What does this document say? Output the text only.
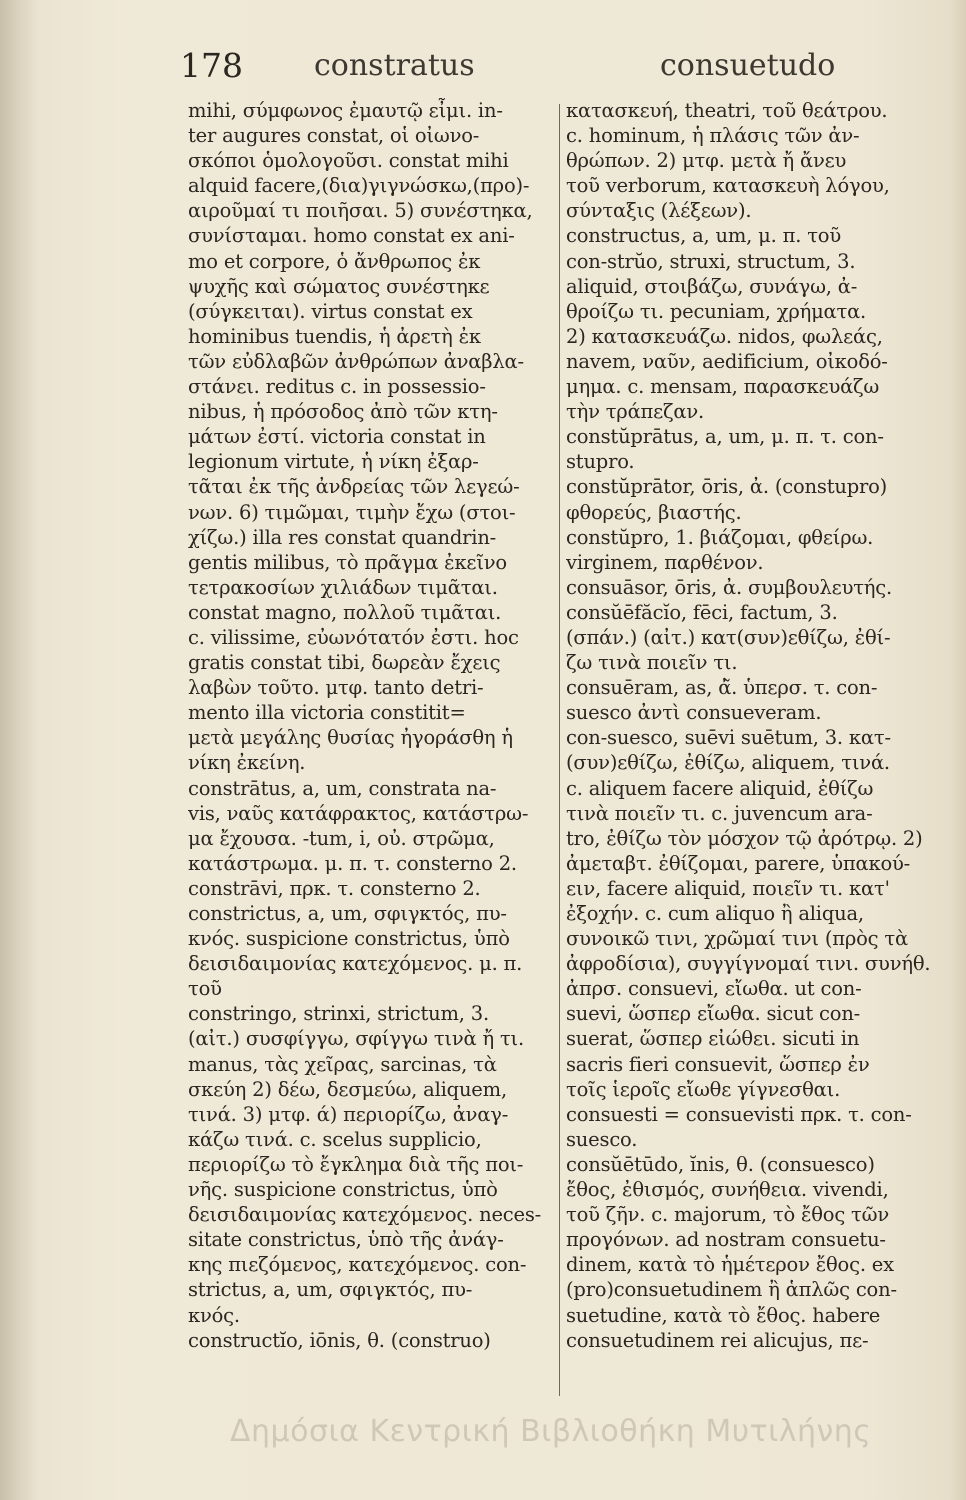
178 constratus	consuetudo
mihi, σύμφωνος ἐμαυτῷ εἶμι. in-
ter augures constat, οἱ οἰωνο-
σκόποι ὁμολογοῦσι. constat mihi
alquid facere,(δια)γιγνώσκω,(προ)-
αιροῦμαί τι ποιῆσαι. 5) συνέστηκα,
συνίσταμαι. homo constat ex ani-
mo et corpore, ὁ ἄνθρωπος ἐκ
ψυχῆς καὶ σώματος συνέστηκε
(σύγκειται). virtus constat ex
hominibus tuendis, ἡ ἀρετὴ ἐκ
τῶν εὐδλαβῶν ἀνθρώπων ἀναβλα-
στάνει. reditus c. in possessio-
nibus, ἡ πρόσοδος ἀπὸ τῶν κτη-
μάτων ἐστί. victoria constat in
legionum virtute, ἡ νίκη ἐξαρ-
τᾶται ἐκ τῆς ἀνδρείας τῶν λεγεώ-
νων. 6) τιμῶμαι, τιμὴν ἔχω (στοι-
χίζω.) illa res constat quandrin-
gentis milibus, τὸ πρᾶγμα ἐκεῖνο
τετρακοσίων χιλιάδων τιμᾶται.
constat magno, πολλοῦ τιμᾶται.
c. vilissime, εὐωνότατόν ἐστι. hoc
gratis constat tibi, δωρεὰν ἔχεις
λαβὼν τοῦτο. μτφ. tanto detri-
mento illa victoria constitit=
μετὰ μεγάλης θυσίας ἠγοράσθη ἡ
νίκη ἐκείνη.
constrātus, a, um, constrata na-
vis, ναῦς κατάφρακτος, κατάστρω-
μα ἔχουσα. -tum, i, οὐ. στρῶμα,
κατάστρωμα. μ. π. τ. consterno 2.
constrāvi, πρκ. τ. consterno 2.
constrictus, a, um, σφιγκτός, πυ-
κνός. suspicione constrictus, ὑπὸ
δεισιδαιμονίας κατεχόμενος. μ. π.
τοῦ
constringo, strinxi, strictum, 3.
(αἰτ.) συσφίγγω, σφίγγω τινὰ ἤ τι.
manus, τὰς χεῖρας, sarcinas, τὰ
σκεύη 2) δέω, δεσμεύω, aliquem,
τινά. 3) μτφ. ά) περιορίζω, ἀναγ-
κάζω τινά. c. scelus supplicio,
περιορίζω τὸ ἔγκλημα διὰ τῆς ποι-
νῆς. suspicione constrictus, ὑπὸ
δεισιδαιμονίας κατεχόμενος. neces-
sitate constrictus, ὑπὸ τῆς ἀνάγ-
κης πιεζόμενος, κατεχόμενος. con-
strictus, a, um, σφιγκτός, πυ-
κνός.
constructĭo, iōnis, θ. (construo)
κατασκευή, theatri, τοῦ θεάτρου.
c. hominum, ἡ πλάσις τῶν ἀν-
θρώπων. 2) μτφ. μετὰ ἤ ἄνευ
τοῦ verborum, κατασκευὴ λόγου,
σύνταξις (λέξεων).
constructus, a, um, μ. π. τοῦ
con-strŭo, struxi, structum, 3.
aliquid, στοιβάζω, συνάγω, ἀ-
θροίζω τι. pecuniam, χρήματα.
2) κατασκευάζω. nidos, φωλεάς,
navem, ναῦν, aedificium, οἰκοδό-
μημα. c. mensam, παρασκευάζω
τὴν τράπεζαν.
constŭprātus, a, um, μ. π. τ. con-
stupro.
constŭprātor, ōris, ἀ. (constupro)
φθορεύς, βιαστής.
constŭpro, 1. βιάζομαι, φθείρω.
virginem, παρθένον.
consuāsor, ōris, ἀ. συμβουλευτής.
consŭēfăcĭo, fēci, factum, 3.
(σπάν.) (αἰτ.) κατ(συν)εθίζω, ἐθί-
ζω τινὰ ποιεῖν τι.
consuēram, as, ἀ̃. ὑπερσ. τ. con-
suesco ἀντὶ consueveram.
con-suesco, suēvi suētum, 3. κατ-
(συν)εθίζω, ἐθίζω, aliquem, τινά.
c. aliquem facere aliquid, ἐθίζω
τινὰ ποιεῖν τι. c. juvencum ara-
tro, ἐθίζω τὸν μόσχον τῷ ἀρότρῳ. 2)
ἀμεταβτ. ἐθίζομαι, parere, ὑπακού-
ειν, facere aliquid, ποιεῖν τι. κατ'
ἐξοχήν. c. cum aliquo ἢ aliqua,
συνοικῶ τινι, χρῶμαί τινι (πρὸς τὰ
ἀφροδίσια), συγγίγνομαί τινι. συνήθ.
ἀπρσ. consuevi, εἴωθα. ut con-
suevi, ὥσπερ εἴωθα. sicut con-
suerat, ὥσπερ εἰώθει. sicuti in
sacris fieri consuevit, ὥσπερ ἐν
τοῖς ἱεροῖς εἴωθε γίγνεσθαι.
consuesti = consuevisti πρκ. τ. con-
suesco.
consŭētūdo, ĭnis, θ. (consuesco)
ἔθος, ἐθισμός, συνήθεια. vivendi,
τοῦ ζῆν. c. majorum, τὸ ἔθος τῶν
προγόνων. ad nostram consuetu-
dinem, κατὰ τὸ ἡμέτερον ἔθος. ex
(pro)consuetudinem ἢ ἁπλῶς con-
suetudine, κατὰ τὸ ἔθος. habere
consuetudinem rei alicujus, πε-
Δημόσια Κεντρική Βιβλιοθήκη Μυτιλήνης
